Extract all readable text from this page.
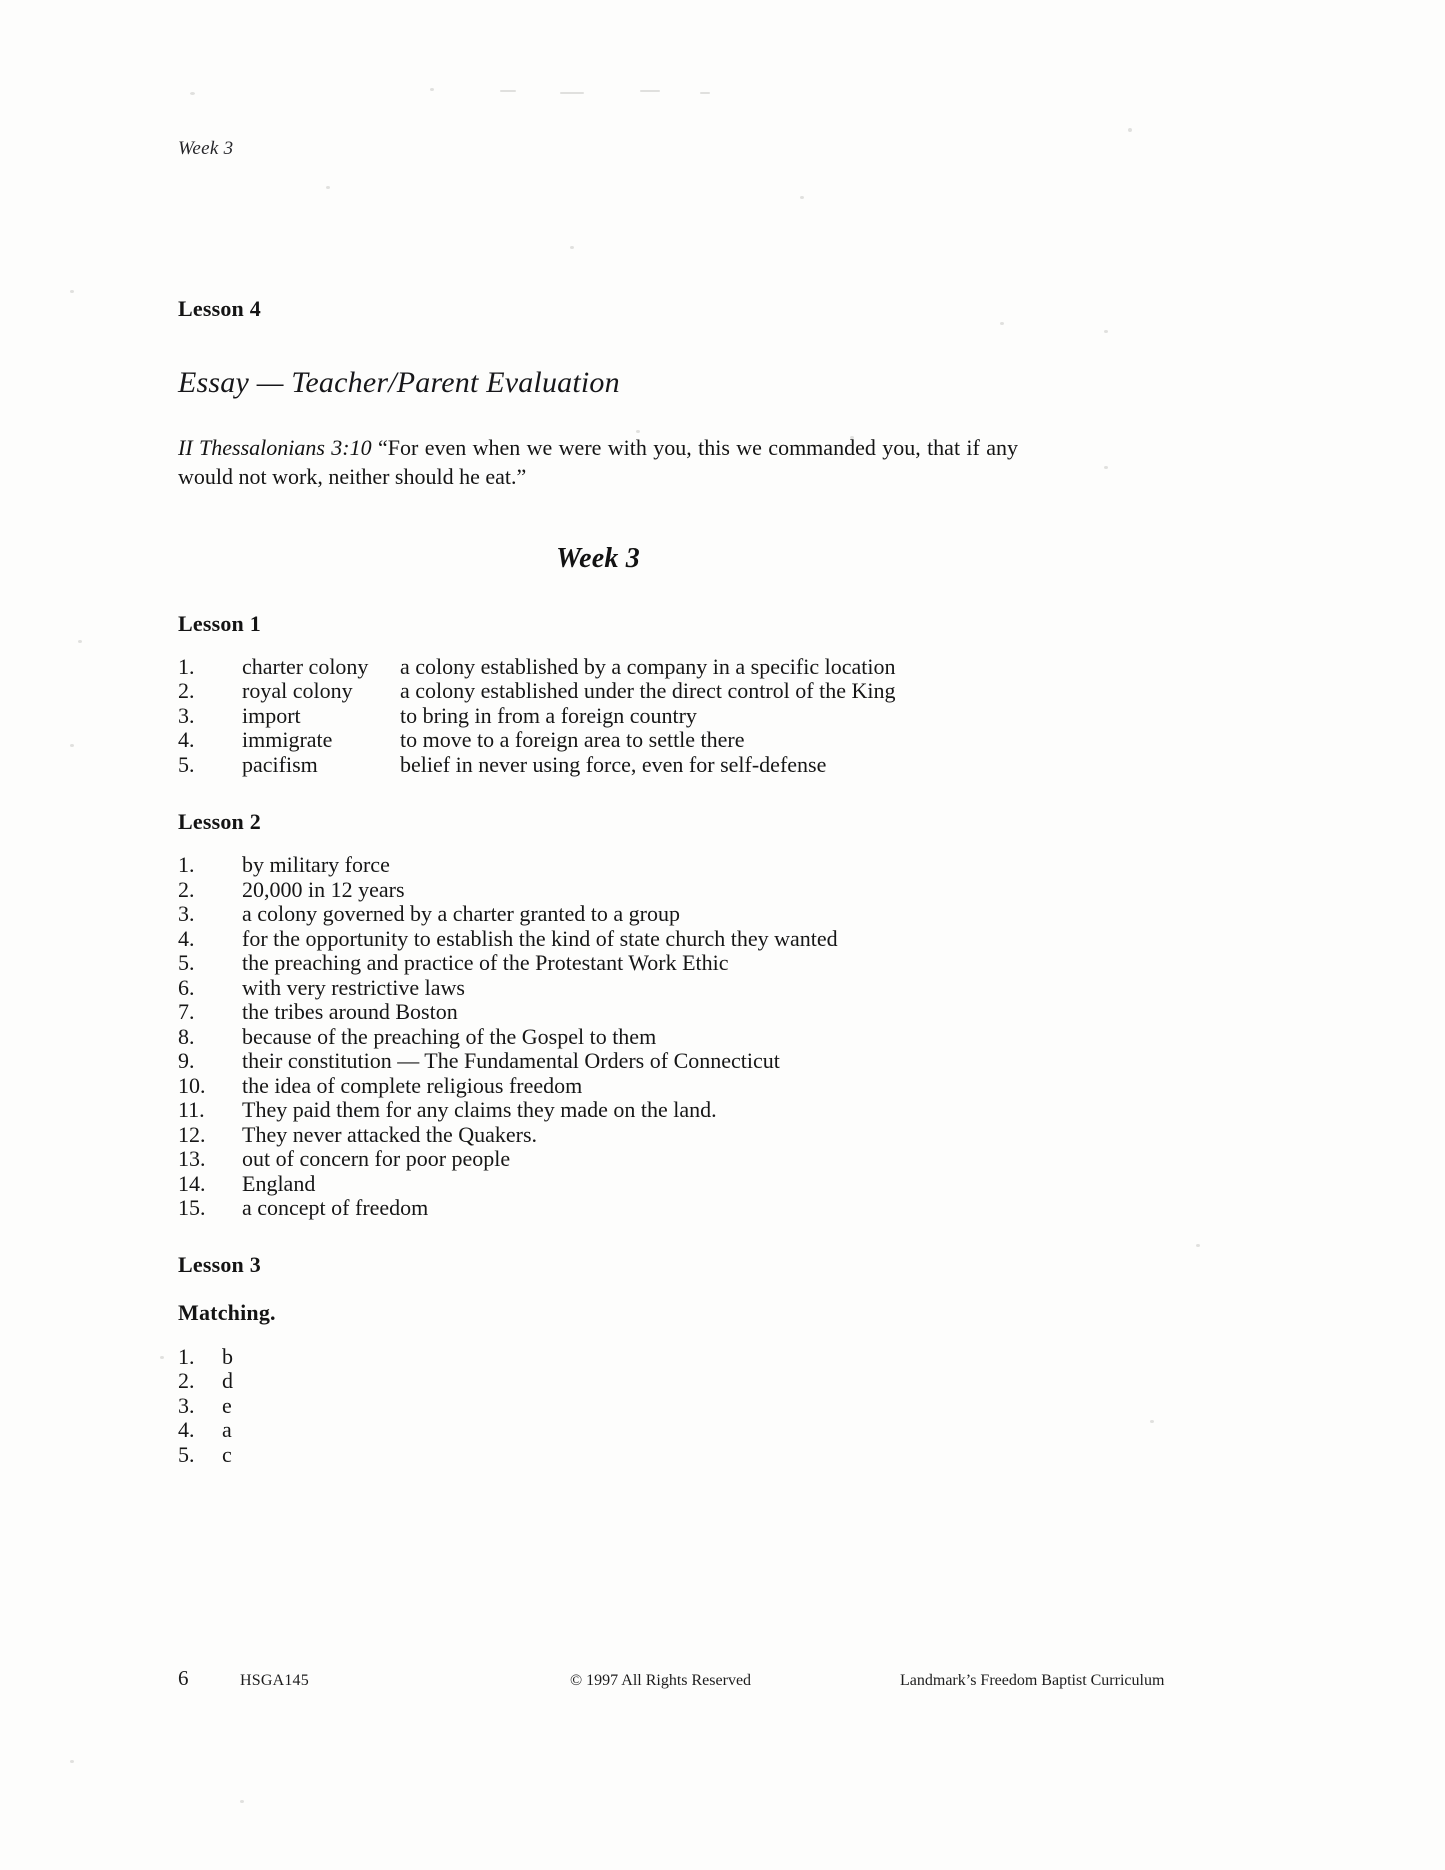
Week 3
Lesson 4
Essay — Teacher/Parent Evaluation

II Thessalonians 3:10 “For even when we were with you, this we commanded you, that if any would not work, neither should he eat.”

Week 3
Lesson 1
1.	charter colony	a colony established by a company in a specific location
2.	royal colony	a colony established under the direct control of the King
3.	import	to bring in from a foreign country
4.	immigrate	to move to a foreign area to settle there
5.	pacifism	belief in never using force, even for self-defense
Lesson 2
1.	by military force
2.	20,000 in 12 years
3.	a colony governed by a charter granted to a group
4.	for the opportunity to establish the kind of state church they wanted
5.	the preaching and practice of the Protestant Work Ethic
6.	with very restrictive laws
7.	the tribes around Boston
8.	because of the preaching of the Gospel to them
9.	their constitution — The Fundamental Orders of Connecticut
10.	the idea of complete religious freedom
11.	They paid them for any claims they made on the land.
12.	They never attacked the Quakers.
13.	out of concern for poor people
14.	England
15.	a concept of freedom
Lesson 3
Matching.
1.	b
2.	d
3.	e
4.	a
5.	c
6	HSGA145	© 1997 All Rights Reserved	Landmark’s Freedom Baptist Curriculum
